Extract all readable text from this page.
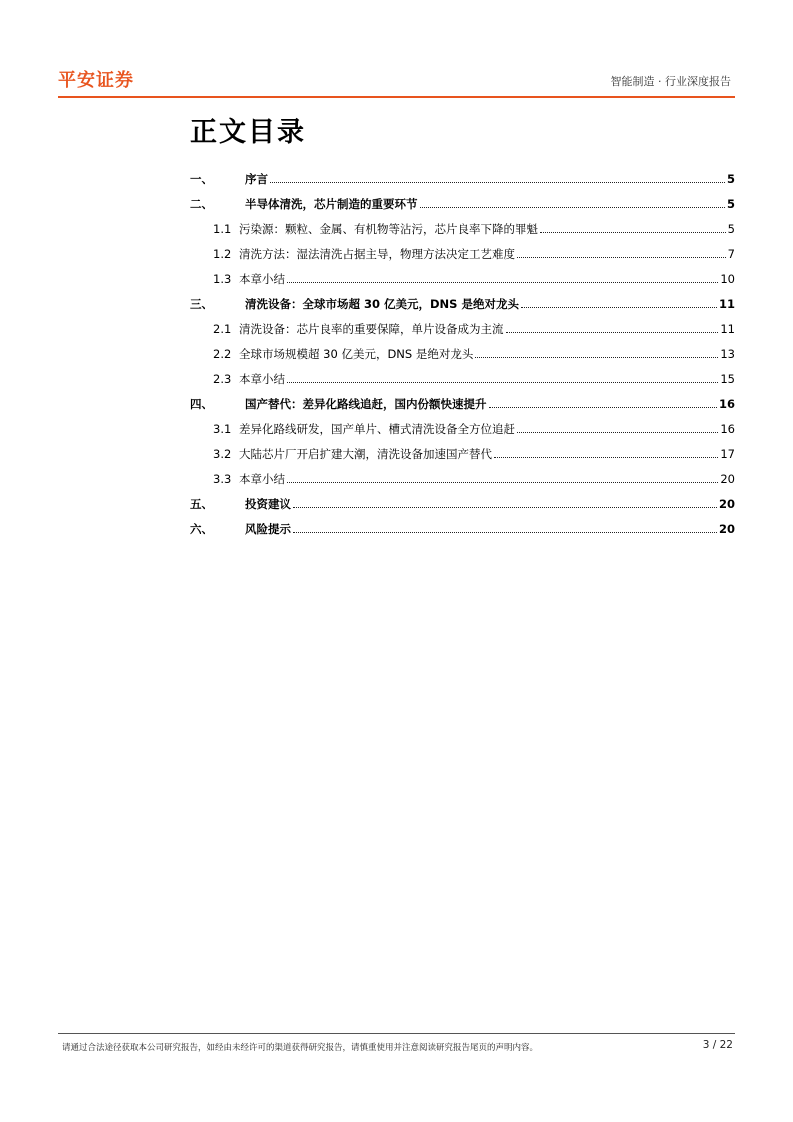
平安证券	智能制造 · 行业深度报告
正文目录
一、	序言	5
二、	半导体清洗，芯片制造的重要环节	5
1.1 污染源：颗粒、金属、有机物等沾污，芯片良率下降的罪魁	5
1.2 清洗方法：湿法清洗占据主导，物理方法决定工艺难度	7
1.3 本章小结	10
三、	清洗设备：全球市场超 30 亿美元，DNS 是绝对龙头	11
2.1 清洗设备：芯片良率的重要保障，单片设备成为主流	11
2.2 全球市场规模超 30 亿美元，DNS 是绝对龙头	13
2.3 本章小结	15
四、	国产替代：差异化路线追赶，国内份额快速提升	16
3.1 差异化路线研发，国产单片、槽式清洗设备全方位追赶	16
3.2 大陆芯片厂开启扩建大潮，清洗设备加速国产替代	17
3.3 本章小结	20
五、	投资建议	20
六、	风险提示	20
请通过合法途径获取本公司研究报告，如经由未经许可的渠道获得研究报告，请慎重使用并注意阅读研究报告尾页的声明内容。	3 / 22
